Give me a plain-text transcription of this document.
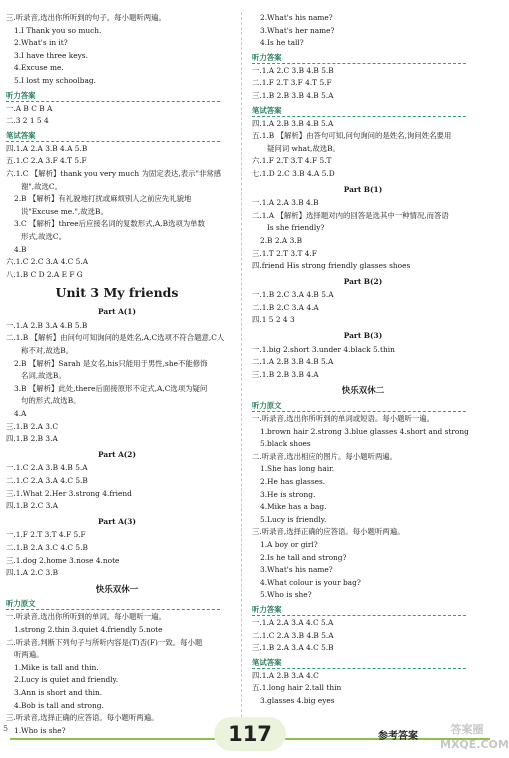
三.听录音,选出你所听到的句子。每小题听两遍。
1.I Thank you so much.
2.What's in it?
3.I have three keys.
4.Excuse me.
5.I lost my schoolbag.
听力答案
一.A B C B A
二.3 2 1 5 4
笔试答案
四.1.A 2.A 3.B 4.A 5.B
五.1.C 2.A 3.F 4.T 5.F
六.1.C 【解析】thank you very much 为固定表达,表示"非常感
谢",故选C。
2.B 【解析】有礼貌地打扰或麻烦别人之前应先礼貌地
说"Excuse me.",故选B。
3.C 【解析】three后应接名词的复数形式,A,B选项为单数
形式,故选C。
4.B
六.1.C 2.C 3.A 4.C 5.A
八.1.B C D 2.A E F G
Unit 3 My friends
Part A(1)
一.1.A 2.B 3.A 4.B 5.B
二.1.B 【解析】由问句可知询问的是姓名,A,C选项不符合题意,C人
称不对,故选B。
2.B 【解析】Sarah 是女名,his只能用于男性,she不能修饰
名词,故选B。
3.B 【解析】此处,there后面接原形不定式,A,C选项为疑问
句的形式,故选B。
4.A
三.1.B 2.A 3.C
四.1.B 2.B 3.A
Part A(2)
一.1.C 2.A 3.B 4.B 5.A
二.1.C 2.A 3.A 4.C 5.B
三.1.What 2.Her 3.strong 4.friend
四.1.B 2.C 3.A
Part A(3)
一.1.F 2.T 3.T 4.F 5.F
二.1.B 2.A 3.C 4.C 5.B
三.1.dog 2.home 3.nose 4.note
四.1.A 2.C 3.B
快乐双休一
听力原文
一.听录音,选出你所听到的单词。每小题听一遍。
1.strong 2.thin 3.quiet 4.friendly 5.note
二.听录音,判断下列句子与所听内容是(T)否(F)一致。每小题
听两遍。
1.Mike is tall and thin.
2.Lucy is quiet and friendly.
3.Ann is short and thin.
4.Bob is tall and strong.
三.听录音,选择正确的应答语。每小题听两遍。
1.Who is she?
2.What's his name?
3.What's her name?
4.Is he tall?
听力答案
一.1.A 2.C 3.B 4.B 5.B
二.1.F 2.T 3.F 4.T 5.F
三.1.B 2.B 3.B 4.B 5.A
笔试答案
四.1.A 2.B 3.B 4.B 5.A
五.1.B 【解析】由答句可知,问句询问的是姓名,询问姓名要用
疑问词 what,故选B。
六.1.F 2.T 3.T 4.F 5.T
七.1.D 2.C 3.B 4.A 5.D
Part B(1)
一.1.A 2.A 3.B 4.B
二.1.A 【解析】选择题对内的回答是选其中一种情况,而答语
Is she friendly?
2.B 2.A 3.B
三.1.T 2.T 3.T 4.F
四.friend His strong friendly glasses shoes
Part B(2)
一.1.B 2.C 3.A 4.B 5.A
二.1.B 2.C 3.A 4.A
四.1 5 2 4 3
Part B(3)
一.1.big 2.short 3.under 4.black 5.thin
二.1.A 2.B 3.B 4.B 5.A
三.1.B 2.B 3.B 4.A
快乐双休二
听力原文
一.听录音,选出你所听到的单词或短语。每小题听一遍。
1.brown hair 2.strong 3.blue glasses 4.short and strong
5.black shoes
二.听录音,选出相应的图片。每小题听两遍。
1.She has long hair.
2.He has glasses.
3.He is strong.
4.Mike has a bag.
5.Lucy is friendly.
三.听录音,选择正确的应答语。每小题听两遍。
1.A boy or girl?
2.Is he tall and strong?
3.What's his name?
4.What colour is your bag?
5.Who is she?
听力答案
一.1.A 2.A 3.A 4.C 5.A
二.1.C 2.A 3.B 4.B 5.A
三.1.B 2.A 3.A 4.C 5.B
笔试答案
四.1.A 2.B 3.A 4.C
五.1.long hair 2.tall thin
3.glasses 4.big eyes
5	117	参考答案
答案圈
MXQE.COM
